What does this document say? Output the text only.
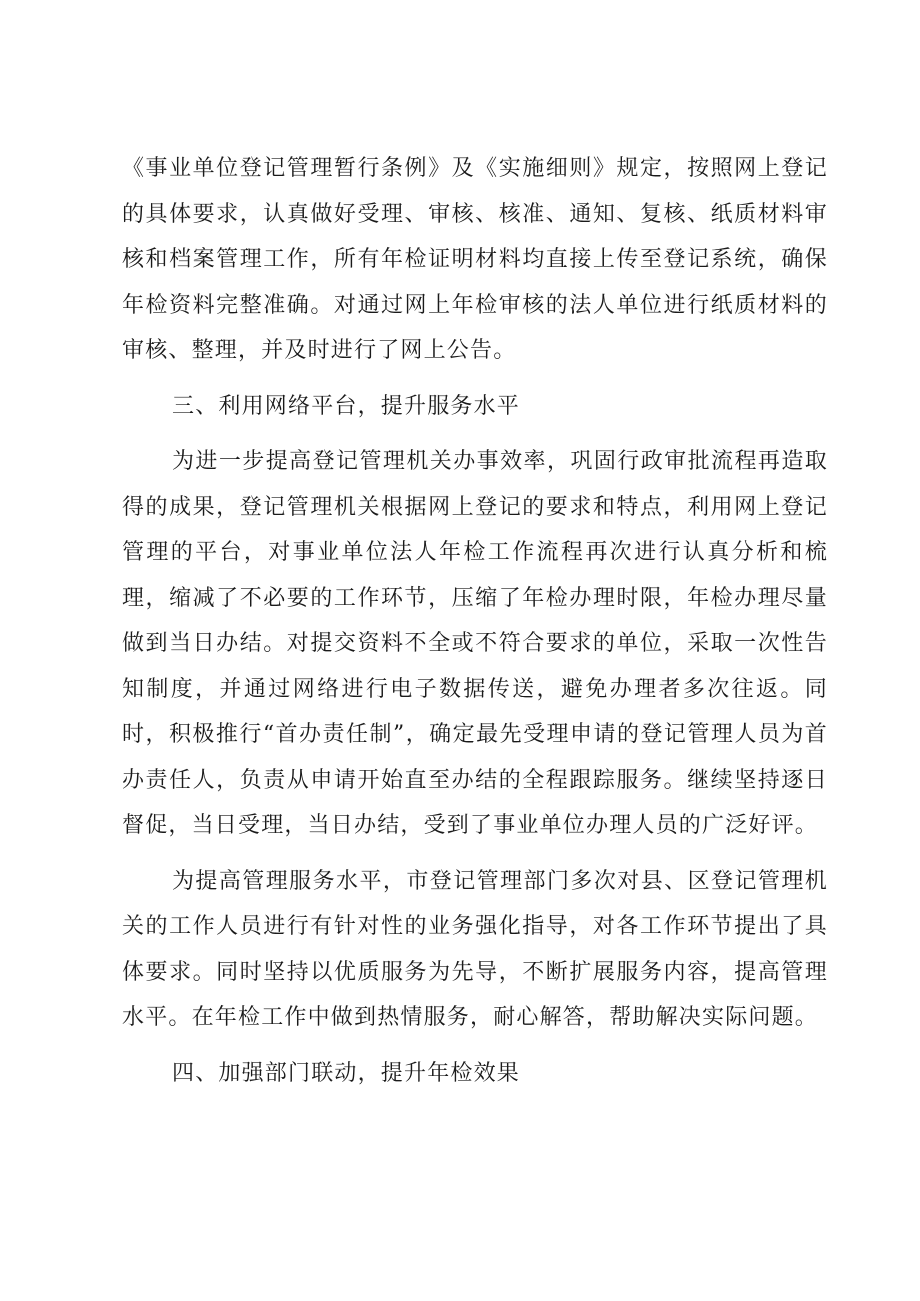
《事业单位登记管理暂行条例》及《实施细则》规定，按照网上登记的具体要求，认真做好受理、审核、核准、通知、复核、纸质材料审核和档案管理工作，所有年检证明材料均直接上传至登记系统，确保年检资料完整准确。对通过网上年检审核的法人单位进行纸质材料的审核、整理，并及时进行了网上公告。

三、利用网络平台，提升服务水平

为进一步提高登记管理机关办事效率，巩固行政审批流程再造取得的成果，登记管理机关根据网上登记的要求和特点，利用网上登记管理的平台，对事业单位法人年检工作流程再次进行认真分析和梳理，缩减了不必要的工作环节，压缩了年检办理时限，年检办理尽量做到当日办结。对提交资料不全或不符合要求的单位，采取一次性告知制度，并通过网络进行电子数据传送，避免办理者多次往返。同时，积极推行“首办责任制”，确定最先受理申请的登记管理人员为首办责任人，负责从申请开始直至办结的全程跟踪服务。继续坚持逐日督促，当日受理，当日办结，受到了事业单位办理人员的广泛好评。

为提高管理服务水平，市登记管理部门多次对县、区登记管理机关的工作人员进行有针对性的业务强化指导，对各工作环节提出了具体要求。同时坚持以优质服务为先导，不断扩展服务内容，提高管理水平。在年检工作中做到热情服务，耐心解答，帮助解决实际问题。

四、加强部门联动，提升年检效果
